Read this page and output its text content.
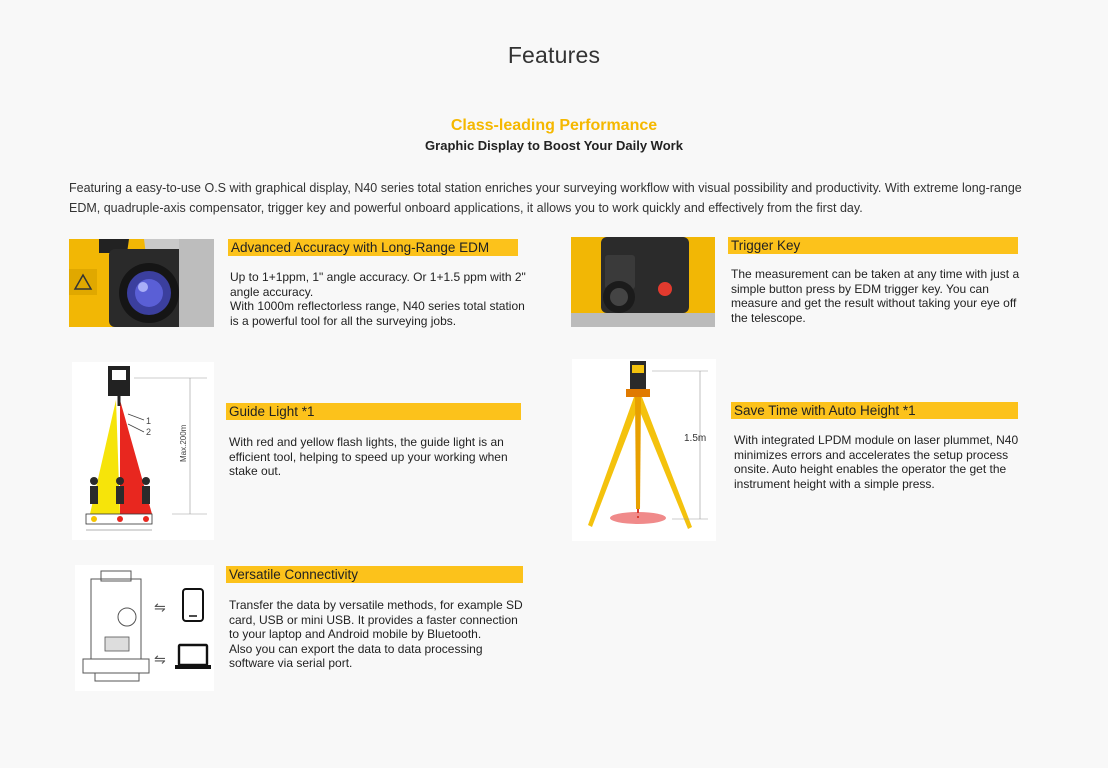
Features
Class-leading Performance
Graphic Display to Boost Your Daily Work
Featuring a easy-to-use O.S with graphical display, N40 series total station enriches your surveying workflow with visual possibility and productivity. With extreme long-range EDM, quadruple-axis compensator, trigger key and powerful onboard applications, it allows you to work quickly and effectively from the first day.
Advanced Accuracy with Long-Range EDM

Up to 1+1ppm, 1" angle accuracy. Or 1+1.5 ppm with 2" angle accuracy.

With 1000m reflectorless range, N40 series total station is a powerful tool for all the surveying jobs.

Trigger Key

The measurement can be taken at any time with just a simple button press by EDM trigger key. You can measure and get the result without taking your eye off the telescope.

1
2	Max.200m
Guide Light *1

With red and yellow flash lights, the guide light is an efficient tool, helping to speed up your working when stake out.

1.5m
Save Time with Auto Height *1

With integrated LPDM module on laser plummet, N40 minimizes errors and accelerates the setup process onsite. Auto height enables the operator the get the instrument height with a simple press.

⇋
⇋
Versatile Connectivity

Transfer the data by versatile methods, for example SD card, USB or mini USB. It provides a faster connection to your laptop and Android mobile by Bluetooth.

Also you can export the data to data processing software via serial port.
